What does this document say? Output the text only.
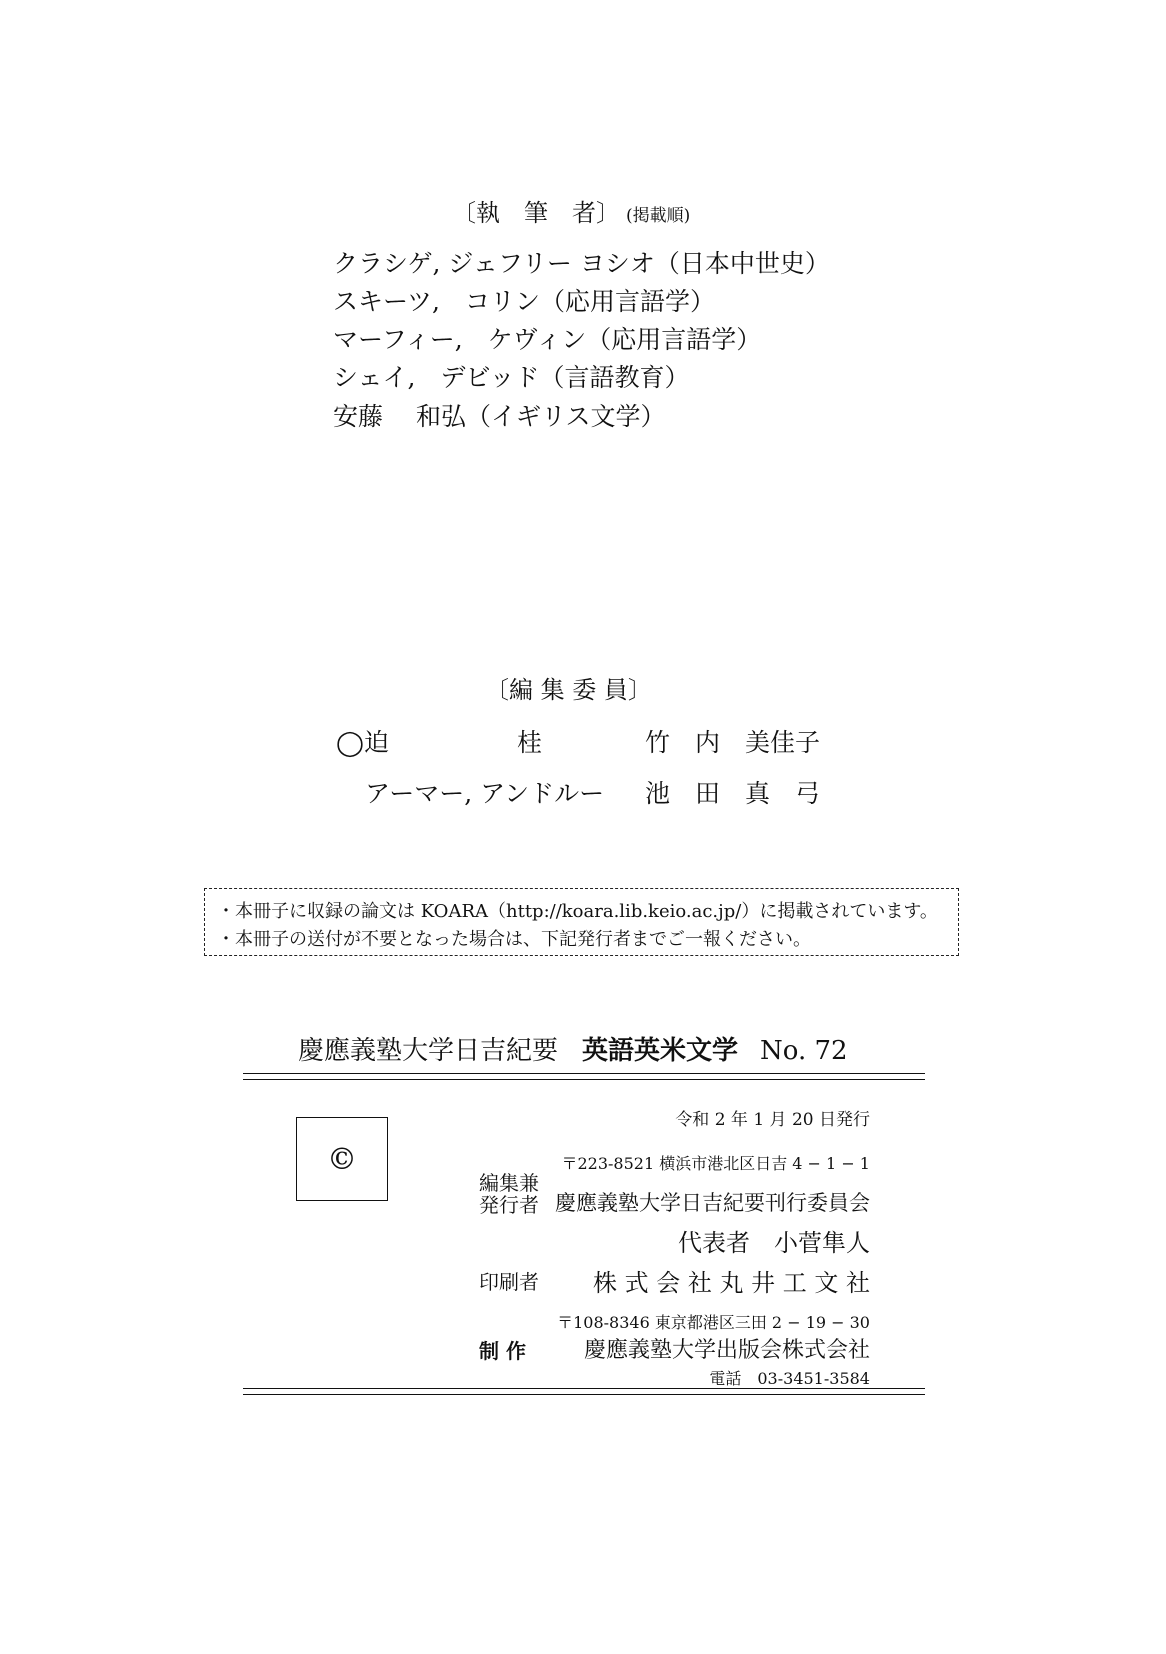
〔執　筆　者〕 (掲載順)
クラシゲ, ジェフリー ヨシオ（日本中世史）
スキーツ,　コリン（応用言語学）
マーフィー,　ケヴィン（応用言語学）
シェイ,　デビッド（言語教育）
安藤　 和弘（イギリス文学）
〔編 集 委 員〕
◯迫	桂	竹　内　美佳子
アーマー, アンドルー 池　田　真　弓
・本冊子に収録の論文は KOARA（http://koara.lib.keio.ac.jp/）に掲載されています。
・本冊子の送付が不要となった場合は、下記発行者までご一報ください。
慶應義塾大学日吉紀要 英語英米文学 No. 72
©
令和 2 年 1 月 20 日発行
〒223-8521 横浜市港北区日吉 4 − 1 − 1
編集兼
発行者 慶應義塾大学日吉紀要刊行委員会
代表者　小菅隼人
印刷者 株 式 会 社 丸 井 工 文 社
〒108-8346 東京都港区三田 2 − 19 − 30
制 作	慶應義塾大学出版会株式会社
電話　03-3451-3584
